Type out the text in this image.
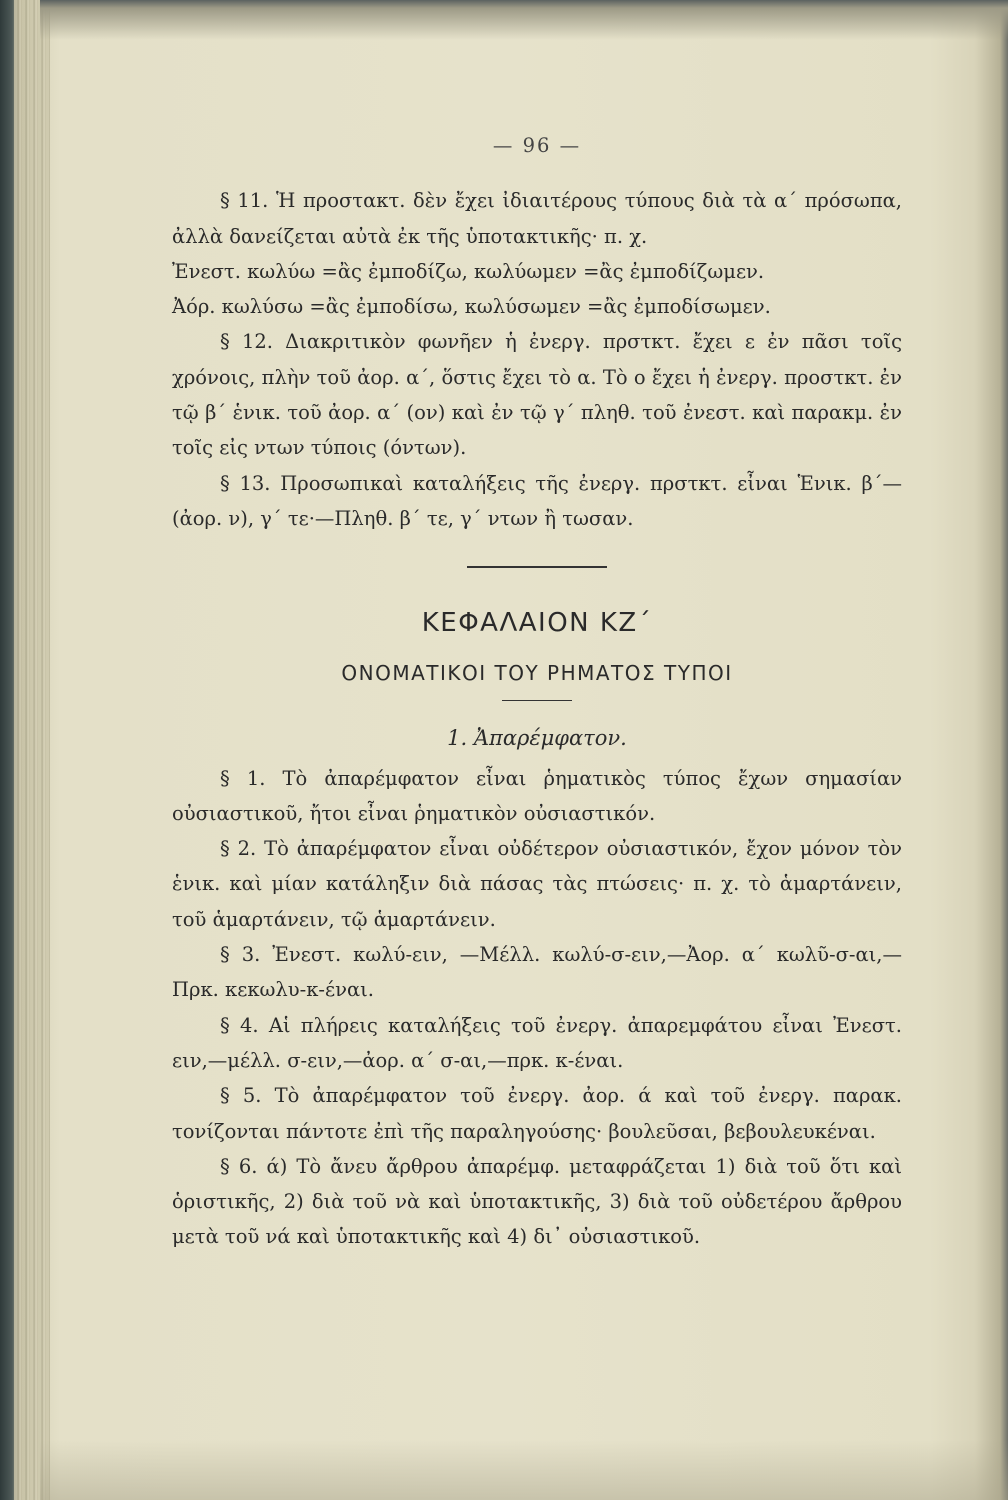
— 96 —

§ 11. Ἡ προστακτ. δὲν ἔχει ἰδιαιτέρους τύπους διὰ τὰ α΄ πρόσωπα, ἀλλὰ δανείζεται αὐτὰ ἐκ τῆς ὑποτακτικῆς· π. χ.

Ἐνεστ. κωλύω =ἂς ἐμποδίζω, κωλύωμεν =ἂς ἐμποδίζωμεν.

Ἀόρ. κωλύσω =ἂς ἐμποδίσω, κωλύσωμεν =ἂς ἐμποδίσωμεν.

§ 12. Διακριτικὸν φωνῆεν ἡ ἐνεργ. πρστκτ. ἔχει ε ἐν πᾶσι τοῖς χρόνοις, πλὴν τοῦ ἀορ. α΄, ὅστις ἔχει τὸ α. Τὸ ο ἔχει ἡ ἐνεργ. προστκτ. ἐν τῷ β΄ ἑνικ. τοῦ ἀορ. α΄ (ον) καὶ ἐν τῷ γ΄ πληθ. τοῦ ἐνεστ. καὶ παρακμ. ἐν τοῖς εἰς ντων τύποις (όντων).

§ 13. Προσωπικαὶ καταλήξεις τῆς ἐνεργ. πρστκτ. εἶναι Ἑνικ. β΄—(ἀορ. ν), γ΄ τε·—Πληθ. β΄ τε, γ΄ ντων ἢ τωσαν.

ΚΕΦΑΛΑΙΟΝ ΚΖ΄
ΟΝΟΜΑΤΙΚΟΙ ΤΟΥ ΡΗΜΑΤΟΣ ΤΥΠΟΙ
1. Ἀπαρέμφατον.

§ 1. Τὸ ἀπαρέμφατον εἶναι ῥηματικὸς τύπος ἔχων σημασίαν οὐσιαστικοῦ, ἤτοι εἶναι ῥηματικὸν οὐσιαστικόν.

§ 2. Τὸ ἀπαρέμφατον εἶναι οὐδέτερον οὐσιαστικόν, ἔχον μόνον τὸν ἑνικ. καὶ μίαν κατάληξιν διὰ πάσας τὰς πτώσεις· π. χ. τὸ ἁμαρτάνειν, τοῦ ἁμαρτάνειν, τῷ ἁμαρτάνειν.

§ 3. Ἐνεστ. κωλύ-ειν, —Μέλλ. κωλύ-σ-ειν,—Ἀορ. α΄ κωλῦ-σ-αι,—Πρκ. κεκωλυ-κ-έναι.

§ 4. Αἱ πλήρεις καταλήξεις τοῦ ἐνεργ. ἀπαρεμφάτου εἶναι Ἐνεστ. ειν,—μέλλ. σ-ειν,—ἀορ. α΄ σ-αι,—πρκ. κ-έναι.

§ 5. Τὸ ἀπαρέμφατον τοῦ ἐνεργ. ἀορ. ά καὶ τοῦ ἐνεργ. παρακ. τονίζονται πάντοτε ἐπὶ τῆς παραληγούσης· βουλεῦσαι, βεβουλευκέναι.

§ 6. ά) Τὸ ἄνευ ἄρθρου ἀπαρέμφ. μεταφράζεται 1) διὰ τοῦ ὅτι καὶ ὁριστικῆς, 2) διὰ τοῦ νὰ καὶ ὑποτακτικῆς, 3) διὰ τοῦ οὐδετέρου ἄρθρου μετὰ τοῦ νά καὶ ὑποτακτικῆς καὶ 4) δι᾽ οὐσιαστικοῦ.
